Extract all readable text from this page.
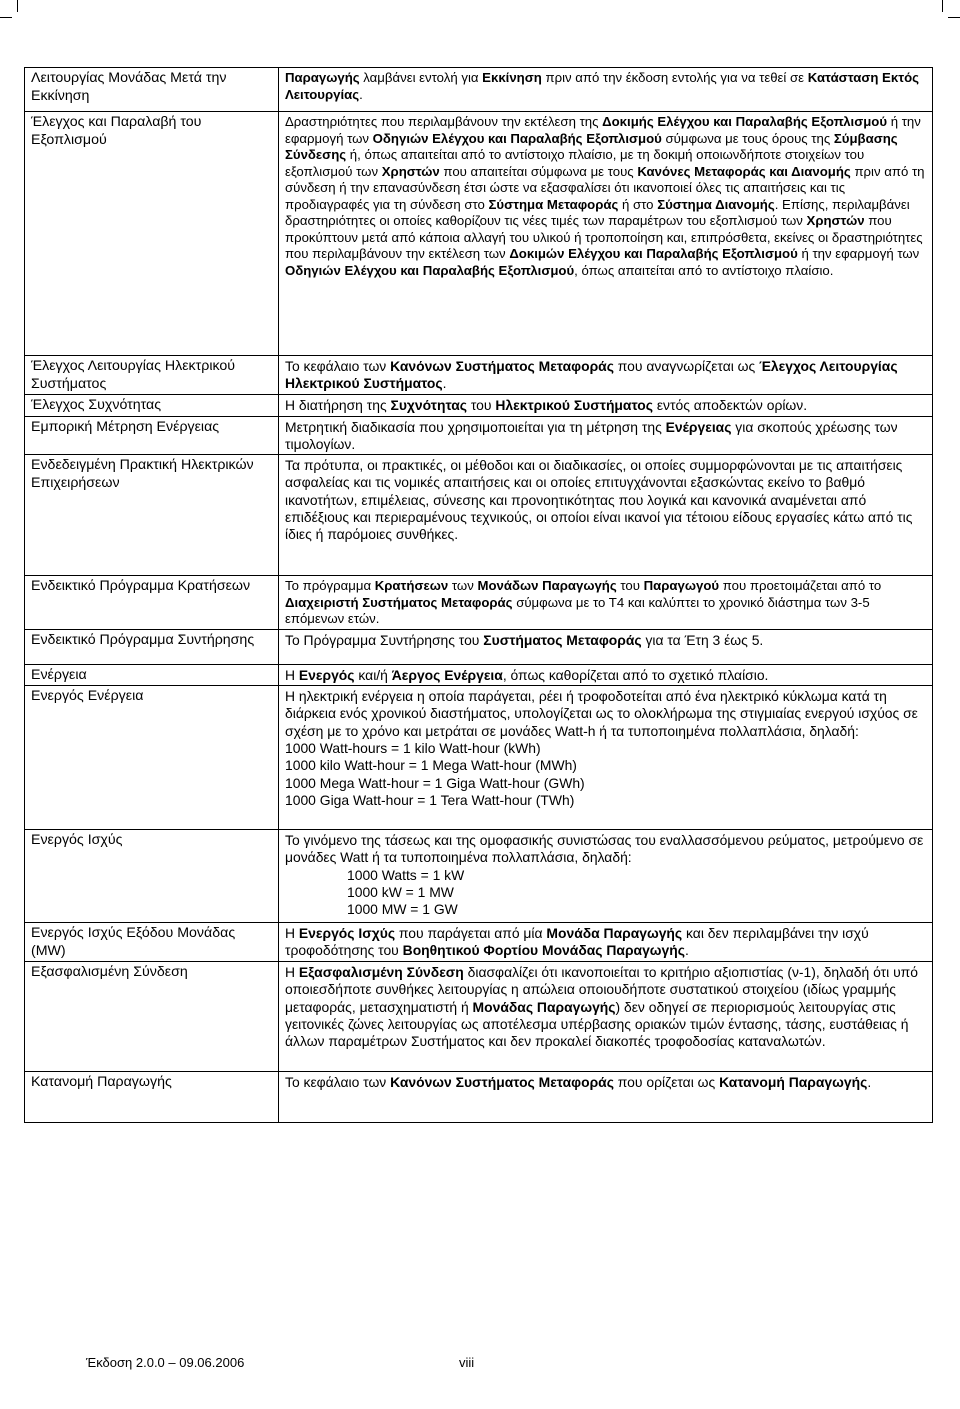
Λειτουργίας Μονάδας Μετά την Εκκίνηση	Παραγωγής λαμβάνει εντολή για Εκκίνηση πριν από την έκδοση εντολής για να τεθεί σε Κατάσταση Εκτός Λειτουργίας.

Έλεγχος και Παραλαβή του Εξοπλισμού	Δραστηριότητες που περιλαμβάνουν την εκτέλεση της Δοκιμής Ελέγχου και Παραλαβής Εξοπλισμού ή την εφαρμογή των Οδηγιών Ελέγχου και Παραλαβής Εξοπλισμού σύμφωνα με τους όρους της Σύμβασης Σύνδεσης ή, όπως απαιτείται από το αντίστοιχο πλαίσιο, με τη δοκιμή οποιωνδήποτε στοιχείων του εξοπλισμού των Χρηστών που απαιτείται σύμφωνα με τους Κανόνες Μεταφοράς και Διανομής πριν από τη σύνδεση ή την επανασύνδεση έτσι ώστε να εξασφαλίσει ότι ικανοποιεί όλες τις απαιτήσεις και τις προδιαγραφές για τη σύνδεση στο Σύστημα Μεταφοράς ή στο Σύστημα Διανομής. Επίσης, περιλαμβάνει δραστηριότητες οι οποίες καθορίζουν τις νέες τιμές των παραμέτρων του εξοπλισμού των Χρηστών που προκύπτουν μετά από κάποια αλλαγή του υλικού ή τροποποίηση και, επιπρόσθετα, εκείνες οι δραστηριότητες που περιλαμβάνουν την εκτέλεση των Δοκιμών Ελέγχου και Παραλαβής Εξοπλισμού ή την εφαρμογή των Οδηγιών Ελέγχου και Παραλαβής Εξοπλισμού, όπως απαιτείται από το αντίστοιχο πλαίσιο.

Έλεγχος Λειτουργίας Ηλεκτρικού Συστήματος	Το κεφάλαιο των Κανόνων Συστήματος Μεταφοράς που αναγνωρίζεται ως Έλεγχος Λειτουργίας Ηλεκτρικού Συστήματος.

Έλεγχος Συχνότητας	Η διατήρηση της Συχνότητας του Ηλεκτρικού Συστήματος εντός αποδεκτών ορίων.

Εμπορική Μέτρηση Ενέργειας	Μετρητική διαδικασία που χρησιμοποιείται για τη μέτρηση της Ενέργειας για σκοπούς χρέωσης των τιμολογίων.

Ενδεδειγμένη Πρακτική Ηλεκτρικών Επιχειρήσεων	Τα πρότυπα, οι πρακτικές, οι μέθοδοι και οι διαδικασίες, οι οποίες συμμορφώνονται με τις απαιτήσεις ασφαλείας και τις νομικές απαιτήσεις και οι οποίες επιτυγχάνονται εξασκώντας εκείνο το βαθμό ικανοτήτων, επιμέλειας, σύνεσης και προνοητικότητας που λογικά και κανονικά αναμένεται από επιδέξιους και περιεραμένους τεχνικούς, οι οποίοι είναι ικανοί για τέτοιου είδους εργασίες κάτω από τις ίδιες ή παρόμοιες συνθήκες.

Ενδεικτικό Πρόγραμμα Κρατήσεων	Το πρόγραμμα Κρατήσεων των Μονάδων Παραγωγής του Παραγωγού που προετοιμάζεται από το Διαχειριστή Συστήματος Μεταφοράς σύμφωνα με το Τ4 και καλύπτει το χρονικό διάστημα των 3-5 επόμενων ετών.

Ενδεικτικό Πρόγραμμα Συντήρησης	Το Πρόγραμμα Συντήρησης του Συστήματος Μεταφοράς για τα Έτη 3 έως 5.

Ενέργεια	Η Ενεργός και/ή Άεργος Ενέργεια, όπως καθορίζεται από το σχετικό πλαίσιο.

Ενεργός Ενέργεια	Η ηλεκτρική ενέργεια η οποία παράγεται, ρέει ή τροφοδοτείται από ένα ηλεκτρικό κύκλωμα κατά τη διάρκεια ενός χρονικού διαστήματος, υπολογίζεται ως το ολοκλήρωμα της στιγμιαίας ενεργού ισχύος σε σχέση με το χρόνο και μετράται σε μονάδες Watt-h ή τα τυποποιημένα πολλαπλάσια, δηλαδή:
1000 Watt-hours = 1 kilo Watt-hour (kWh)
1000 kilo Watt-hour = 1 Mega Watt-hour (MWh)
1000 Mega Watt-hour = 1 Giga Watt-hour (GWh)
1000 Giga Watt-hour = 1 Tera Watt-hour (TWh)

Ενεργός Ισχύς	Το γινόμενο της τάσεως και της ομοφασικής συνιστώσας του εναλλασσόμενου ρεύματος, μετρούμενο σε μονάδες Watt ή τα τυποποιημένα πολλαπλάσια, δηλαδή:
1000 Watts = 1 kW
1000 kW = 1 MW
1000 MW = 1 GW

Ενεργός Ισχύς Εξόδου Μονάδας (MW)	Η Ενεργός Ισχύς που παράγεται από μία Μονάδα Παραγωγής και δεν περιλαμβάνει την ισχύ τροφοδότησης του Βοηθητικού Φορτίου Μονάδας Παραγωγής.

Εξασφαλισμένη Σύνδεση	Η Εξασφαλισμένη Σύνδεση διασφαλίζει ότι ικανοποιείται το κριτήριο αξιοπιστίας (ν-1), δηλαδή ότι υπό οποιεσδήποτε συνθήκες λειτουργίας η απώλεια οποιουδήποτε συστατικού στοιχείου (ιδίως γραμμής μεταφοράς, μετασχηματιστή ή Μονάδας Παραγωγής) δεν οδηγεί σε περιορισμούς λειτουργίας στις γειτονικές ζώνες λειτουργίας ως αποτέλεσμα υπέρβασης οριακών τιμών έντασης, τάσης, ευστάθειας ή άλλων παραμέτρων Συστήματος και δεν προκαλεί διακοπές τροφοδοσίας καταναλωτών.

Κατανομή Παραγωγής	Το κεφάλαιο των Κανόνων Συστήματος Μεταφοράς που ορίζεται ως Κατανομή Παραγωγής.
Έκδοση 2.0.0 – 09.06.2006	viii
